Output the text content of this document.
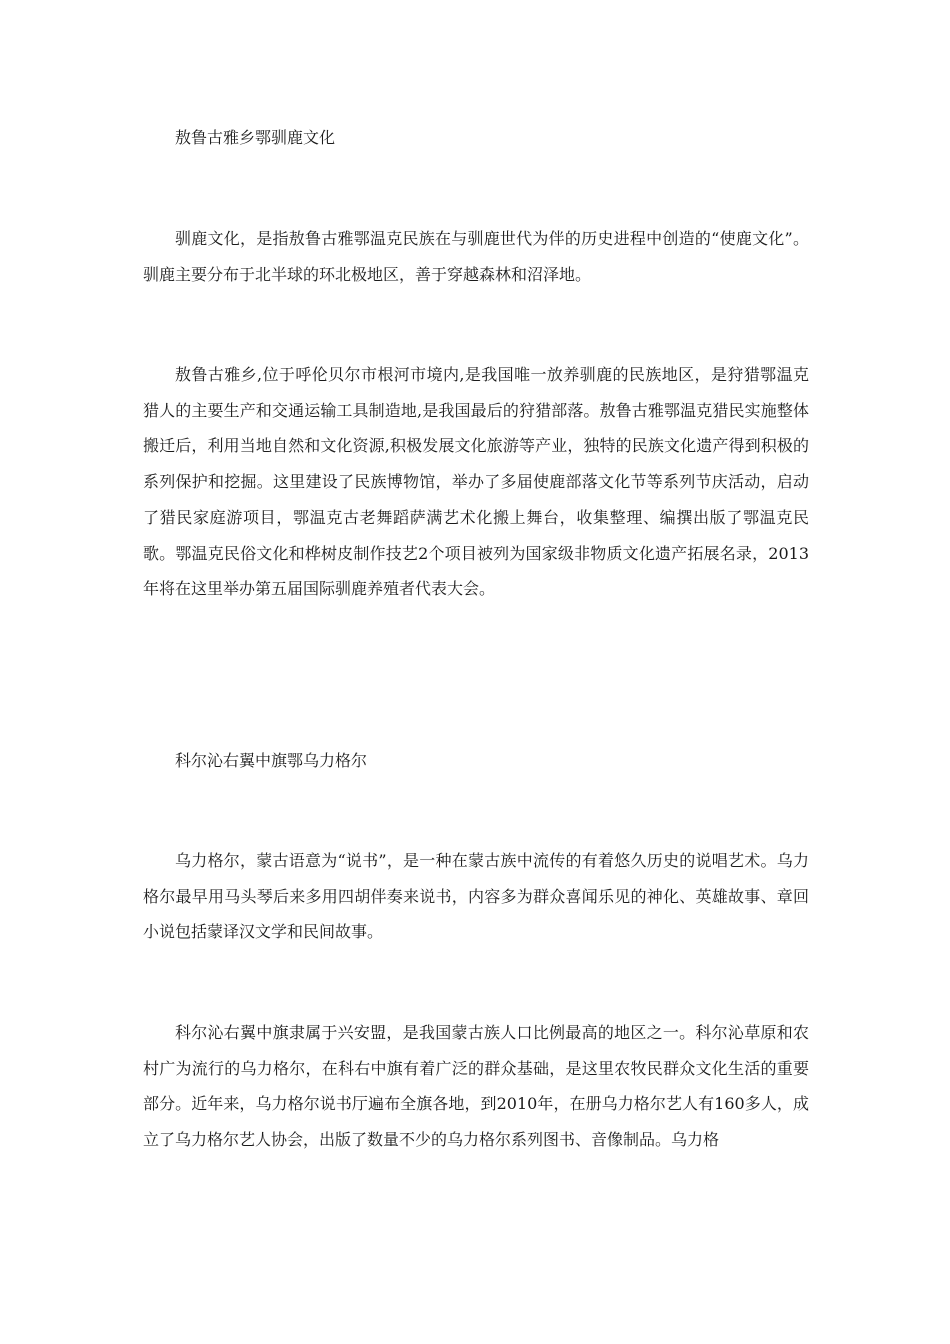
敖鲁古雅乡鄂驯鹿文化

驯鹿文化，是指敖鲁古雅鄂温克民族在与驯鹿世代为伴的历史进程中创造的“使鹿文化”。驯鹿主要分布于北半球的环北极地区，善于穿越森林和沼泽地。

敖鲁古雅乡,位于呼伦贝尔市根河市境内,是我国唯一放养驯鹿的民族地区，是狩猎鄂温克猎人的主要生产和交通运输工具制造地,是我国最后的狩猎部落。敖鲁古雅鄂温克猎民实施整体搬迁后，利用当地自然和文化资源,积极发展文化旅游等产业，独特的民族文化遗产得到积极的系列保护和挖掘。这里建设了民族博物馆，举办了多届使鹿部落文化节等系列节庆活动，启动了猎民家庭游项目，鄂温克古老舞蹈萨满艺术化搬上舞台，收集整理、编撰出版了鄂温克民歌。鄂温克民俗文化和桦树皮制作技艺2个项目被列为国家级非物质文化遗产拓展名录，2013年将在这里举办第五届国际驯鹿养殖者代表大会。

科尔沁右翼中旗鄂乌力格尔

乌力格尔，蒙古语意为“说书”，是一种在蒙古族中流传的有着悠久历史的说唱艺术。乌力格尔最早用马头琴后来多用四胡伴奏来说书，内容多为群众喜闻乐见的神化、英雄故事、章回小说包括蒙译汉文学和民间故事。

科尔沁右翼中旗隶属于兴安盟，是我国蒙古族人口比例最高的地区之一。科尔沁草原和农村广为流行的乌力格尔，在科右中旗有着广泛的群众基础，是这里农牧民群众文化生活的重要部分。近年来，乌力格尔说书厅遍布全旗各地，到2010年，在册乌力格尔艺人有160多人，成立了乌力格尔艺人协会，出版了数量不少的乌力格尔系列图书、音像制品。乌力格
